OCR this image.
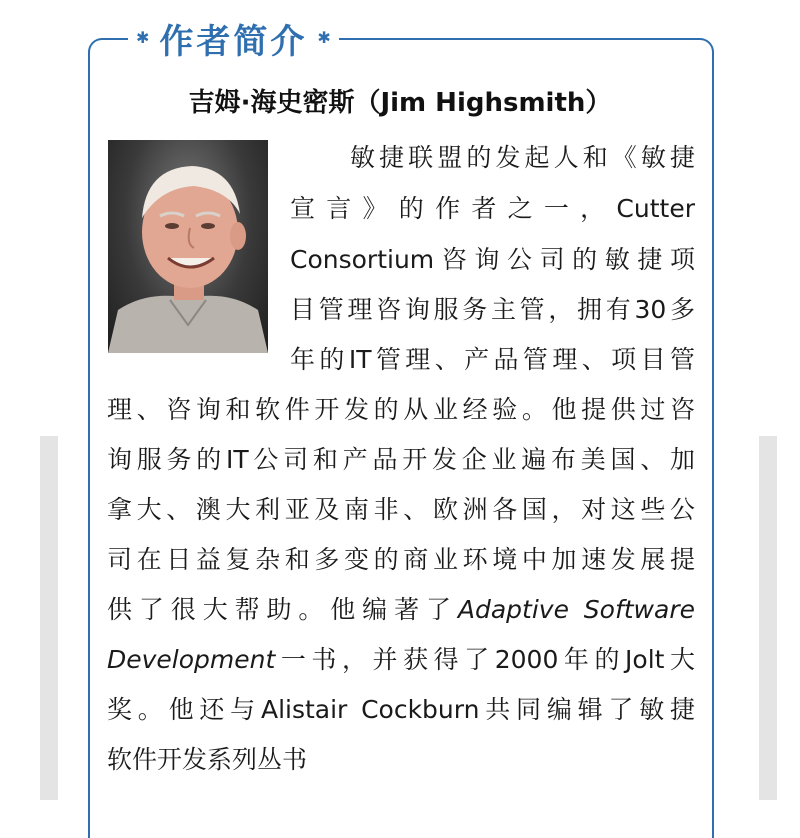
✱ 作者简介 ✱
吉姆·海史密斯（Jim Highsmith）
敏捷联盟的发起人和《敏捷
宣言》的作者之一，Cutter
Consortium咨询公司的敏捷项
目管理咨询服务主管，拥有30多
年的IT管理、产品管理、项目管
理、咨询和软件开发的从业经验。他提供过咨
询服务的IT公司和产品开发企业遍布美国、加
拿大、澳大利亚及南非、欧洲各国，对这些公
司在日益复杂和多变的商业环境中加速发展提
供了很大帮助。他编著了Adaptive Software
Development一书，并获得了2000年的Jolt大
奖。他还与Alistair Cockburn共同编辑了敏捷
软件开发系列丛书
